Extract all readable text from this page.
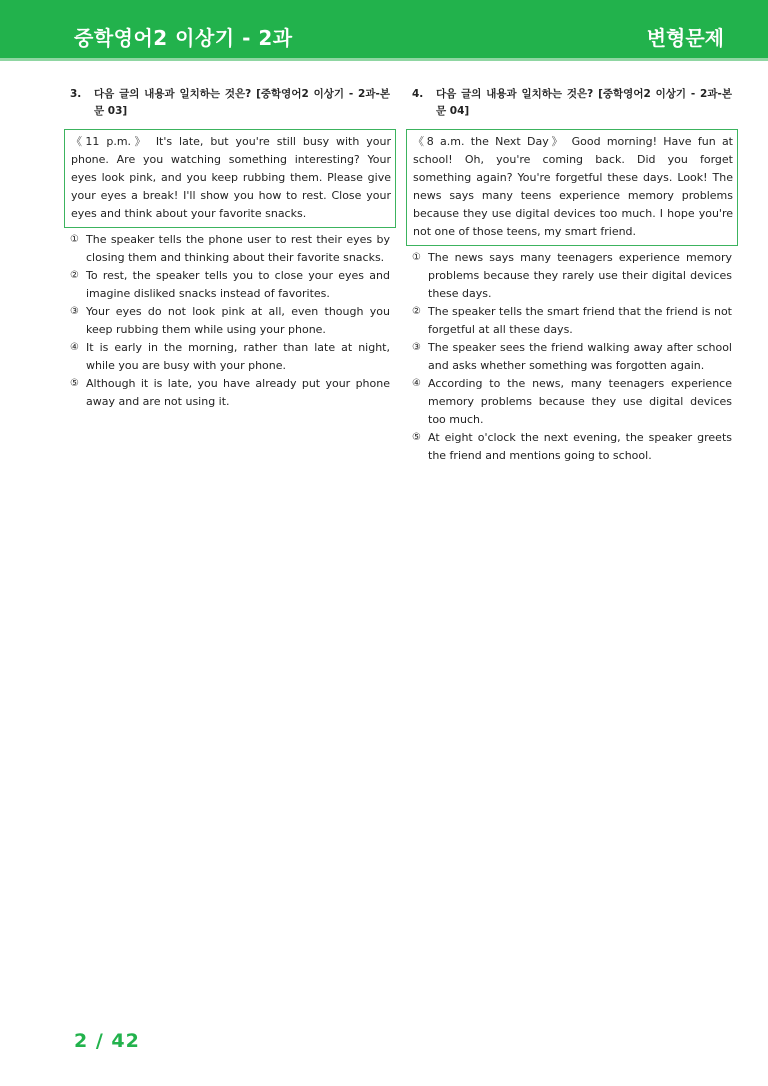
중학영어2 이상기 - 2과	변형문제
3.	다음 글의 내용과 일치하는 것은? [중학영어2 이상기 - 2과-본문 03]
《11 p.m.》 It's late, but you're still busy with your phone. Are you watching something interesting? Your eyes look pink, and you keep rubbing them. Please give your eyes a break! I'll show you how to rest. Close your eyes and think about your favorite snacks.
① The speaker tells the phone user to rest their eyes by closing them and thinking about their favorite snacks.
② To rest, the speaker tells you to close your eyes and imagine disliked snacks instead of favorites.
③ Your eyes do not look pink at all, even though you keep rubbing them while using your phone.
④ It is early in the morning, rather than late at night, while you are busy with your phone.
⑤ Although it is late, you have already put your phone away and are not using it.
4.	다음 글의 내용과 일치하는 것은? [중학영어2 이상기 - 2과-본문 04]
《8 a.m. the Next Day》 Good morning! Have fun at school! Oh, you're coming back. Did you forget something again? You're forgetful these days. Look! The news says many teens experience memory problems because they use digital devices too much. I hope you're not one of those teens, my smart friend.
① The news says many teenagers experience memory problems because they rarely use their digital devices these days.
② The speaker tells the smart friend that the friend is not forgetful at all these days.
③ The speaker sees the friend walking away after school and asks whether something was forgotten again.
④ According to the news, many teenagers experience memory problems because they use digital devices too much.
⑤ At eight o'clock the next evening, the speaker greets the friend and mentions going to school.
2 / 42
